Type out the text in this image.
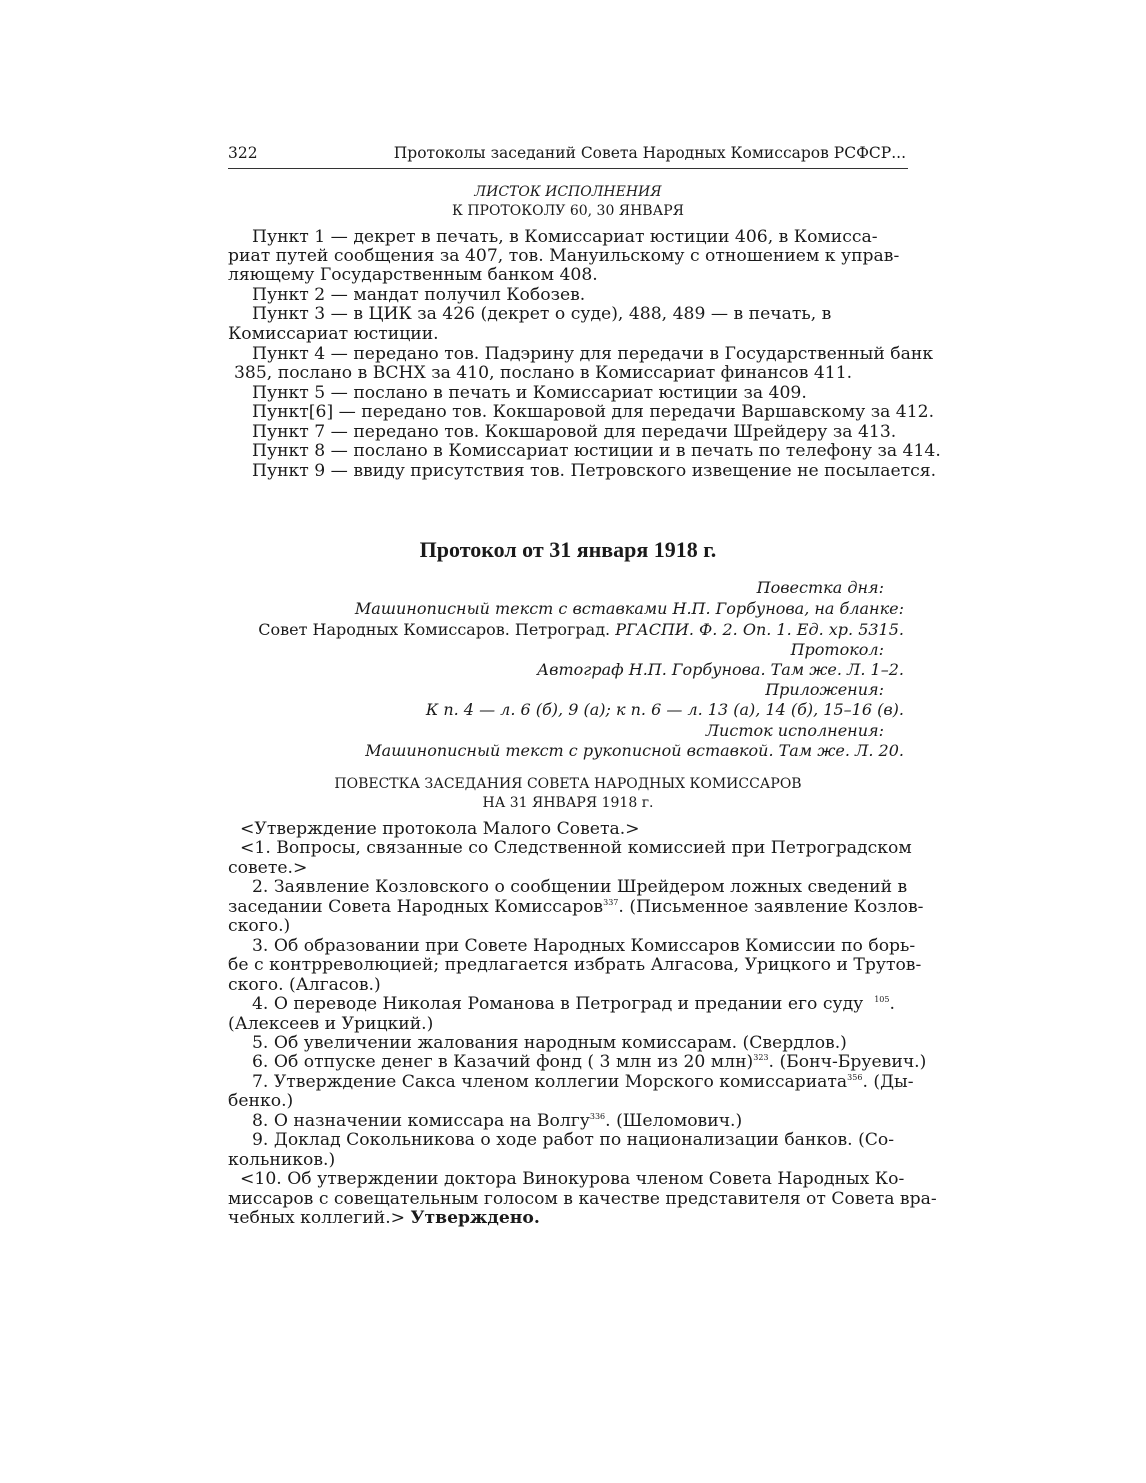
322	Протоколы заседаний Совета Народных Комиссаров РСФСР...
ЛИСТОК ИСПОЛНЕНИЯ
К ПРОТОКОЛУ 60, 30 ЯНВАРЯ
Пункт 1 — декрет в печать, в Комиссариат юстиции 406, в Комисса-
риат путей сообщения за 407, тов. Мануильскому с отношением к управ-
ляющему Государственным банком 408.
Пункт 2 — мандат получил Кобозев.
Пункт 3 — в ЦИК за 426 (декрет о суде), 488, 489 — в печать, в
Комиссариат юстиции.
Пункт 4 — передано тов. Падэрину для передачи в Государственный банк
385, послано в ВСНХ за 410, послано в Комиссариат финансов 411.
Пункт 5 — послано в печать и Комиссариат юстиции за 409.
Пункт[6] — передано тов. Кокшаровой для передачи Варшавскому за 412.
Пункт 7 — передано тов. Кокшаровой для передачи Шрейдеру за 413.
Пункт 8 — послано в Комиссариат юстиции и в печать по телефону за 414.
Пункт 9 — ввиду присутствия тов. Петровского извещение не посылается.
Протокол от 31 января 1918 г.
Повестка дня:
Машинописный текст с вставками Н.П. Горбунова, на бланке:
Совет Народных Комиссаров. Петроград. РГАСПИ. Ф. 2. Оп. 1. Ед. хр. 5315.
Протокол:
Автограф Н.П. Горбунова. Там же. Л. 1–2.
Приложения:
К п. 4 — л. 6 (б), 9 (а); к п. 6 — л. 13 (а), 14 (б), 15–16 (в).
Листок исполнения:
Машинописный текст с рукописной вставкой. Там же. Л. 20.
ПОВЕСТКА ЗАСЕДАНИЯ СОВЕТА НАРОДНЫХ КОМИССАРОВ
НА 31 ЯНВАРЯ 1918 г.
<Утверждение протокола Малого Совета.>
<1. Вопросы, связанные со Следственной комиссией при Петроградском
совете.>
2. Заявление Козловского о сообщении Шрейдером ложных сведений в
заседании Совета Народных Комиссаров$^{337}$. (Письменное заявление Козлов-
ского.)
3. Об образовании при Совете Народных Комиссаров Комиссии по борь-
бе с контрреволюцией; предлагается избрать Алгасова, Урицкого и Трутов-
ского. (Алгасов.)
4. О переводе Николая Романова в Петроград и предании его суду $^{105}$.
(Алексеев и Урицкий.)
5. Об увеличении жалования народным комиссарам. (Свердлов.)
6. Об отпуске денег в Казачий фонд ( 3 млн из 20 млн)$^{323}$. (Бонч-Бруевич.)
7. Утверждение Сакса членом коллегии Морского комиссариата$^{356}$. (Ды-
бенко.)
8. О назначении комиссара на Волгу$^{336}$. (Шеломович.)
9. Доклад Сокольникова о ходе работ по национализации банков. (Со-
кольников.)
<10. Об утверждении доктора Винокурова членом Совета Народных Ко-
миссаров с совещательным голосом в качестве представителя от Совета вра-
чебных коллегий.> Утверждено.
